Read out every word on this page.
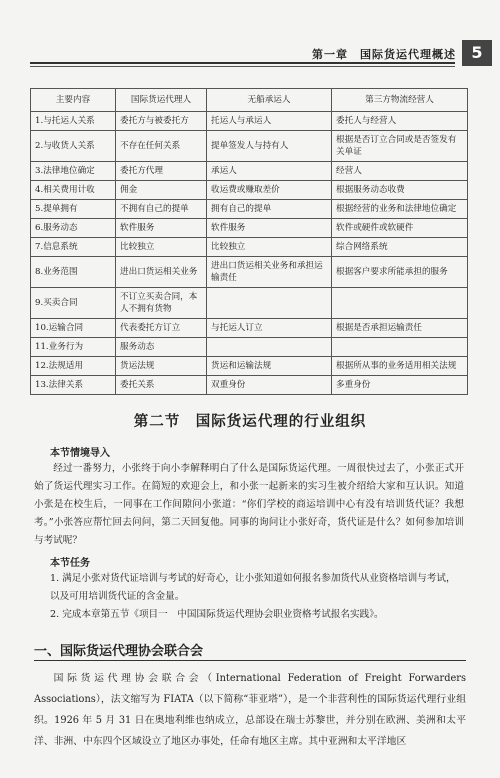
第一章　国际货运代理概述 5
主要内容	国际货运代理人	无船承运人	第三方物流经营人
1.与托运人关系	委托方与被委托方	托运人与承运人	委托人与经营人
2.与收货人关系	不存在任何关系	提单签发人与持有人	根据是否订立合同或是否签发有关单证
3.法律地位确定	委托方代理	承运人	经营人
4.相关费用计收	佣金	收运费或赚取差价	根据服务动态收费
5.提单拥有	不拥有自己的提单	拥有自己的提单	根据经营的业务和法律地位确定
6.服务动态	软件服务	软件服务	软件或硬件或软硬件
7.信息系统	比较独立	比较独立	综合网络系统
8.业务范围	进出口货运相关业务	进出口货运相关业务和承担运输责任	根据客户要求所能承担的服务
9.买卖合同	不订立买卖合同，本人不拥有货物		
10.运输合同	代表委托方订立	与托运人订立	根据是否承担运输责任
11.业务行为	服务动态		
12.法规适用	货运法规	货运和运输法规	根据所从事的业务适用相关法规
13.法律关系	委托关系	双重身份	多重身份
第二节　国际货运代理的行业组织
本节情境导入
经过一番努力，小张终于向小李解释明白了什么是国际货运代理。一周很快过去了，小张正式开始了货运代理实习工作。在简短的欢迎会上，和小张一起新来的实习生被介绍给大家和互认识。知道小张是在校生后，一同事在工作间隙问小张道：“你们学校的商运培训中心有没有培训货代证？我想考。”小张答应帮忙回去问问，第二天回复他。同事的询问让小张好奇，货代证是什么？如何参加培训与考试呢？
本节任务
1. 满足小张对货代证培训与考试的好奇心，让小张知道如何报名参加货代从业资格培训与考试，以及可用培训货代证的含金量。
2. 完成本章第五节《项目一　中国国际货运代理协会职业资格考试报名实践》。
一、国际货运代理协会联合会
国际货运代理协会联合会（International Federation of Freight Forwarders Associations），法文缩写为 FIATA（以下简称“菲亚塔”），是一个非营利性的国际货运代理行业组织。1926 年 5 月 31 日在奥地利维也纳成立，总部设在瑞士苏黎世，并分别在欧洲、美洲和太平洋、非洲、中东四个区域设立了地区办事处，任命有地区主席。其中亚洲和太平洋地区
